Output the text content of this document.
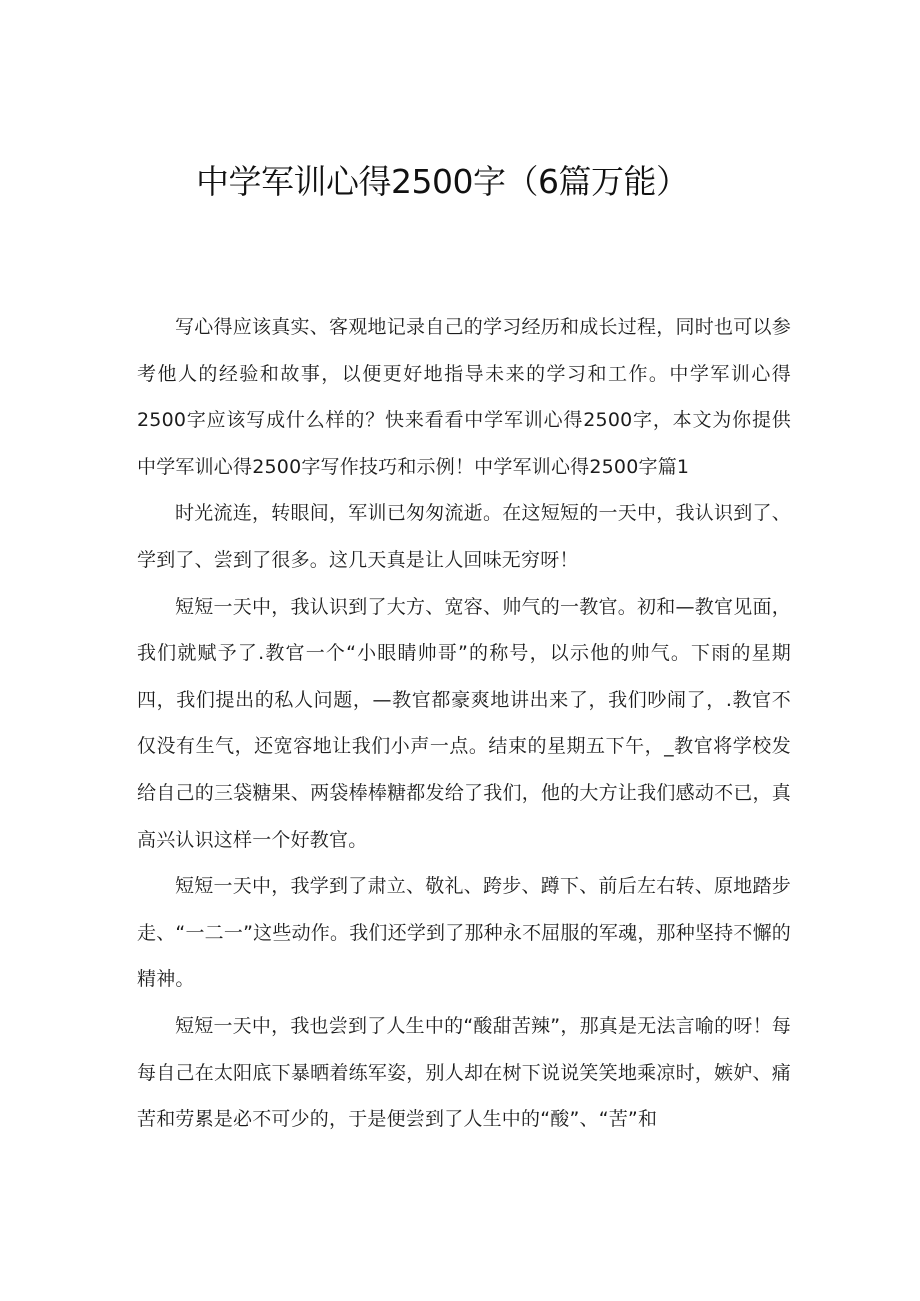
中学军训心得2500字（6篇万能）

写心得应该真实、客观地记录自己的学习经历和成长过程，同时也可以参考他人的经验和故事，以便更好地指导未来的学习和工作。中学军训心得2500字应该写成什么样的？快来看看中学军训心得2500字，本文为你提供中学军训心得2500字写作技巧和示例！中学军训心得2500字篇1

时光流连，转眼间，军训已匆匆流逝。在这短短的一天中，我认识到了、学到了、尝到了很多。这几天真是让人回味无穷呀！

短短一天中，我认识到了大方、宽容、帅气的一教官。初和—教官见面，我们就赋予了.教官一个“小眼睛帅哥”的称号，以示他的帅气。下雨的星期四，我们提出的私人问题，—教官都豪爽地讲出来了，我们吵闹了，.教官不仅没有生气，还宽容地让我们小声一点。结束的星期五下午，_教官将学校发给自己的三袋糖果、两袋棒棒糖都发给了我们，他的大方让我们感动不已，真高兴认识这样一个好教官。

短短一天中，我学到了肃立、敬礼、跨步、蹲下、前后左右转、原地踏步走、“一二一”这些动作。我们还学到了那种永不屈服的军魂，那种坚持不懈的精神。

短短一天中，我也尝到了人生中的“酸甜苦辣”，那真是无法言喻的呀！每每自己在太阳底下暴晒着练军姿，别人却在树下说说笑笑地乘凉时，嫉妒、痛苦和劳累是必不可少的，于是便尝到了人生中的“酸”、“苦”和
